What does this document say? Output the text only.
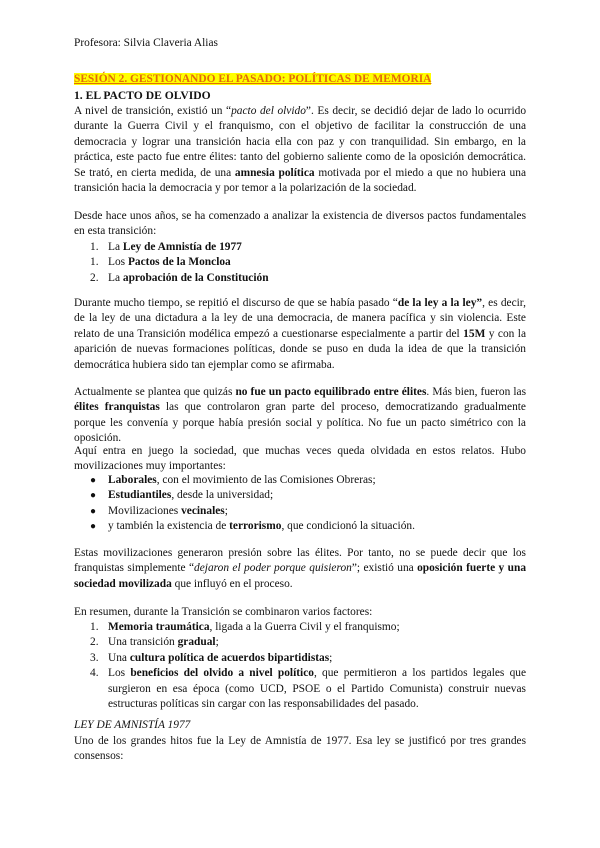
Profesora: Silvia Claveria Alias
SESIÓN 2. GESTIONANDO EL PASADO: POLÍTICAS DE MEMORIA
1. EL PACTO DE OLVIDO
A nivel de transición, existió un “pacto del olvido”. Es decir, se decidió dejar de lado lo ocurrido durante la Guerra Civil y el franquismo, con el objetivo de facilitar la construcción de una democracia y lograr una transición hacia ella con paz y con tranquilidad. Sin embargo, en la práctica, este pacto fue entre élites: tanto del gobierno saliente como de la oposición democrática. Se trató, en cierta medida, de una amnesia política motivada por el miedo a que no hubiera una transición hacia la democracia y por temor a la polarización de la sociedad.
Desde hace unos años, se ha comenzado a analizar la existencia de diversos pactos fundamentales en esta transición:
1. La Ley de Amnistía de 1977
1. Los Pactos de la Moncloa
2. La aprobación de la Constitución
Durante mucho tiempo, se repitió el discurso de que se había pasado “de la ley a la ley”, es decir, de la ley de una dictadura a la ley de una democracia, de manera pacífica y sin violencia. Este relato de una Transición modélica empezó a cuestionarse especialmente a partir del 15M y con la aparición de nuevas formaciones políticas, donde se puso en duda la idea de que la transición democrática hubiera sido tan ejemplar como se afirmaba.
Actualmente se plantea que quizás no fue un pacto equilibrado entre élites. Más bien, fueron las élites franquistas las que controlaron gran parte del proceso, democratizando gradualmente porque les convenía y porque había presión social y política. No fue un pacto simétrico con la oposición.
Aquí entra en juego la sociedad, que muchas veces queda olvidada en estos relatos. Hubo movilizaciones muy importantes:
● Laborales, con el movimiento de las Comisiones Obreras;
● Estudiantiles, desde la universidad;
● Movilizaciones vecinales;
● y también la existencia de terrorismo, que condicionó la situación.
Estas movilizaciones generaron presión sobre las élites. Por tanto, no se puede decir que los franquistas simplemente “dejaron el poder porque quisieron”; existió una oposición fuerte y una sociedad movilizada que influyó en el proceso.
En resumen, durante la Transición se combinaron varios factores:
1. Memoria traumática, ligada a la Guerra Civil y el franquismo;
2. Una transición gradual;
3. Una cultura política de acuerdos bipartidistas;
4. Los beneficios del olvido a nivel político, que permitieron a los partidos legales que surgieron en esa época (como UCD, PSOE o el Partido Comunista) construir nuevas estructuras políticas sin cargar con las responsabilidades del pasado.
LEY DE AMNISTÍA 1977
Uno de los grandes hitos fue la Ley de Amnistía de 1977. Esa ley se justificó por tres grandes consensos:
